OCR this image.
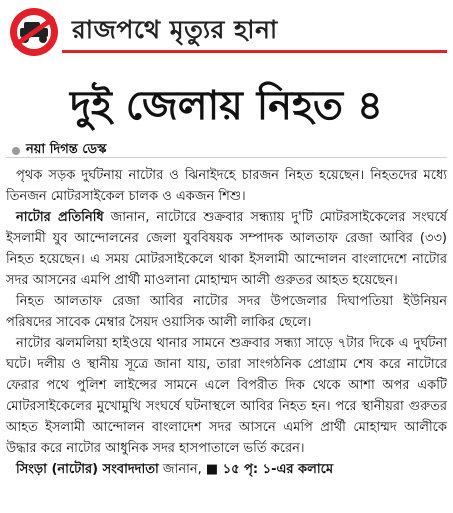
রাজপথে মৃত্যুর হানা
দুই জেলায় নিহত ৪
নয়া দিগন্ত ডেস্ক

পৃথক সড়ক দুর্ঘটনায় নাটোর ও ঝিনাইদহে চারজন নিহত হয়েছেন। নিহতদের মধ্যে তিনজন মোটরসাইকেল চালক ও একজন শিশু।

নাটোর প্রতিনিধি জানান, নাটোরে শুক্রবার সন্ধ্যায় দু'টি মোটরসাইকেলের সংঘর্ষে ইসলামী যুব আন্দোলনের জেলা যুববিষয়ক সম্পাদক আলতাফ রেজা আবির (৩৩) নিহত হয়েছেন। এ সময় মোটরসাইকেলে থাকা ইসলামী আন্দোলন বাংলাদেশে নাটোর সদর আসনের এমপি প্রার্থী মাওলানা মোহাম্মদ আলী গুরুতর আহত হয়েছেন।

নিহত আলতাফ রেজা আবির নাটোর সদর উপজেলার দিঘাপতিয়া ইউনিয়ন পরিষদের সাবেক মেম্বার সৈয়দ ওয়াসিক আলী লাকির ছেলে।

নাটোর ঝলমলিয়া হাইওয়ে থানার সামনে শুক্রবার সন্ধ্যা সাড়ে ৭টার দিকে এ দুর্ঘটনা ঘটে। দলীয় ও স্থানীয় সূত্রে জানা যায়, তারা সাংগঠনিক প্রোগ্রাম শেষ করে নাটোরে ফেরার পথে পুলিশ লাইন্সের সামনে এলে বিপরীত দিক থেকে আশা অপর একটি মোটরসাইকেলের মুখোমুখি সংঘর্ষে ঘটনাস্থলে আবির নিহত হন। পরে স্থানীয়রা গুরুতর আহত ইসলামী আন্দোলন বাংলাদেশ সদর আসনে এমপি প্রার্থী মোহাম্মদ আলীকে উদ্ধার করে নাটোর আধুনিক সদর হাসপাতালে ভর্তি করেন।

সিংড়া (নাটোর) সংবাদদাতা জানান, ■ ১৫ পৃ: ১-এর কলামে
